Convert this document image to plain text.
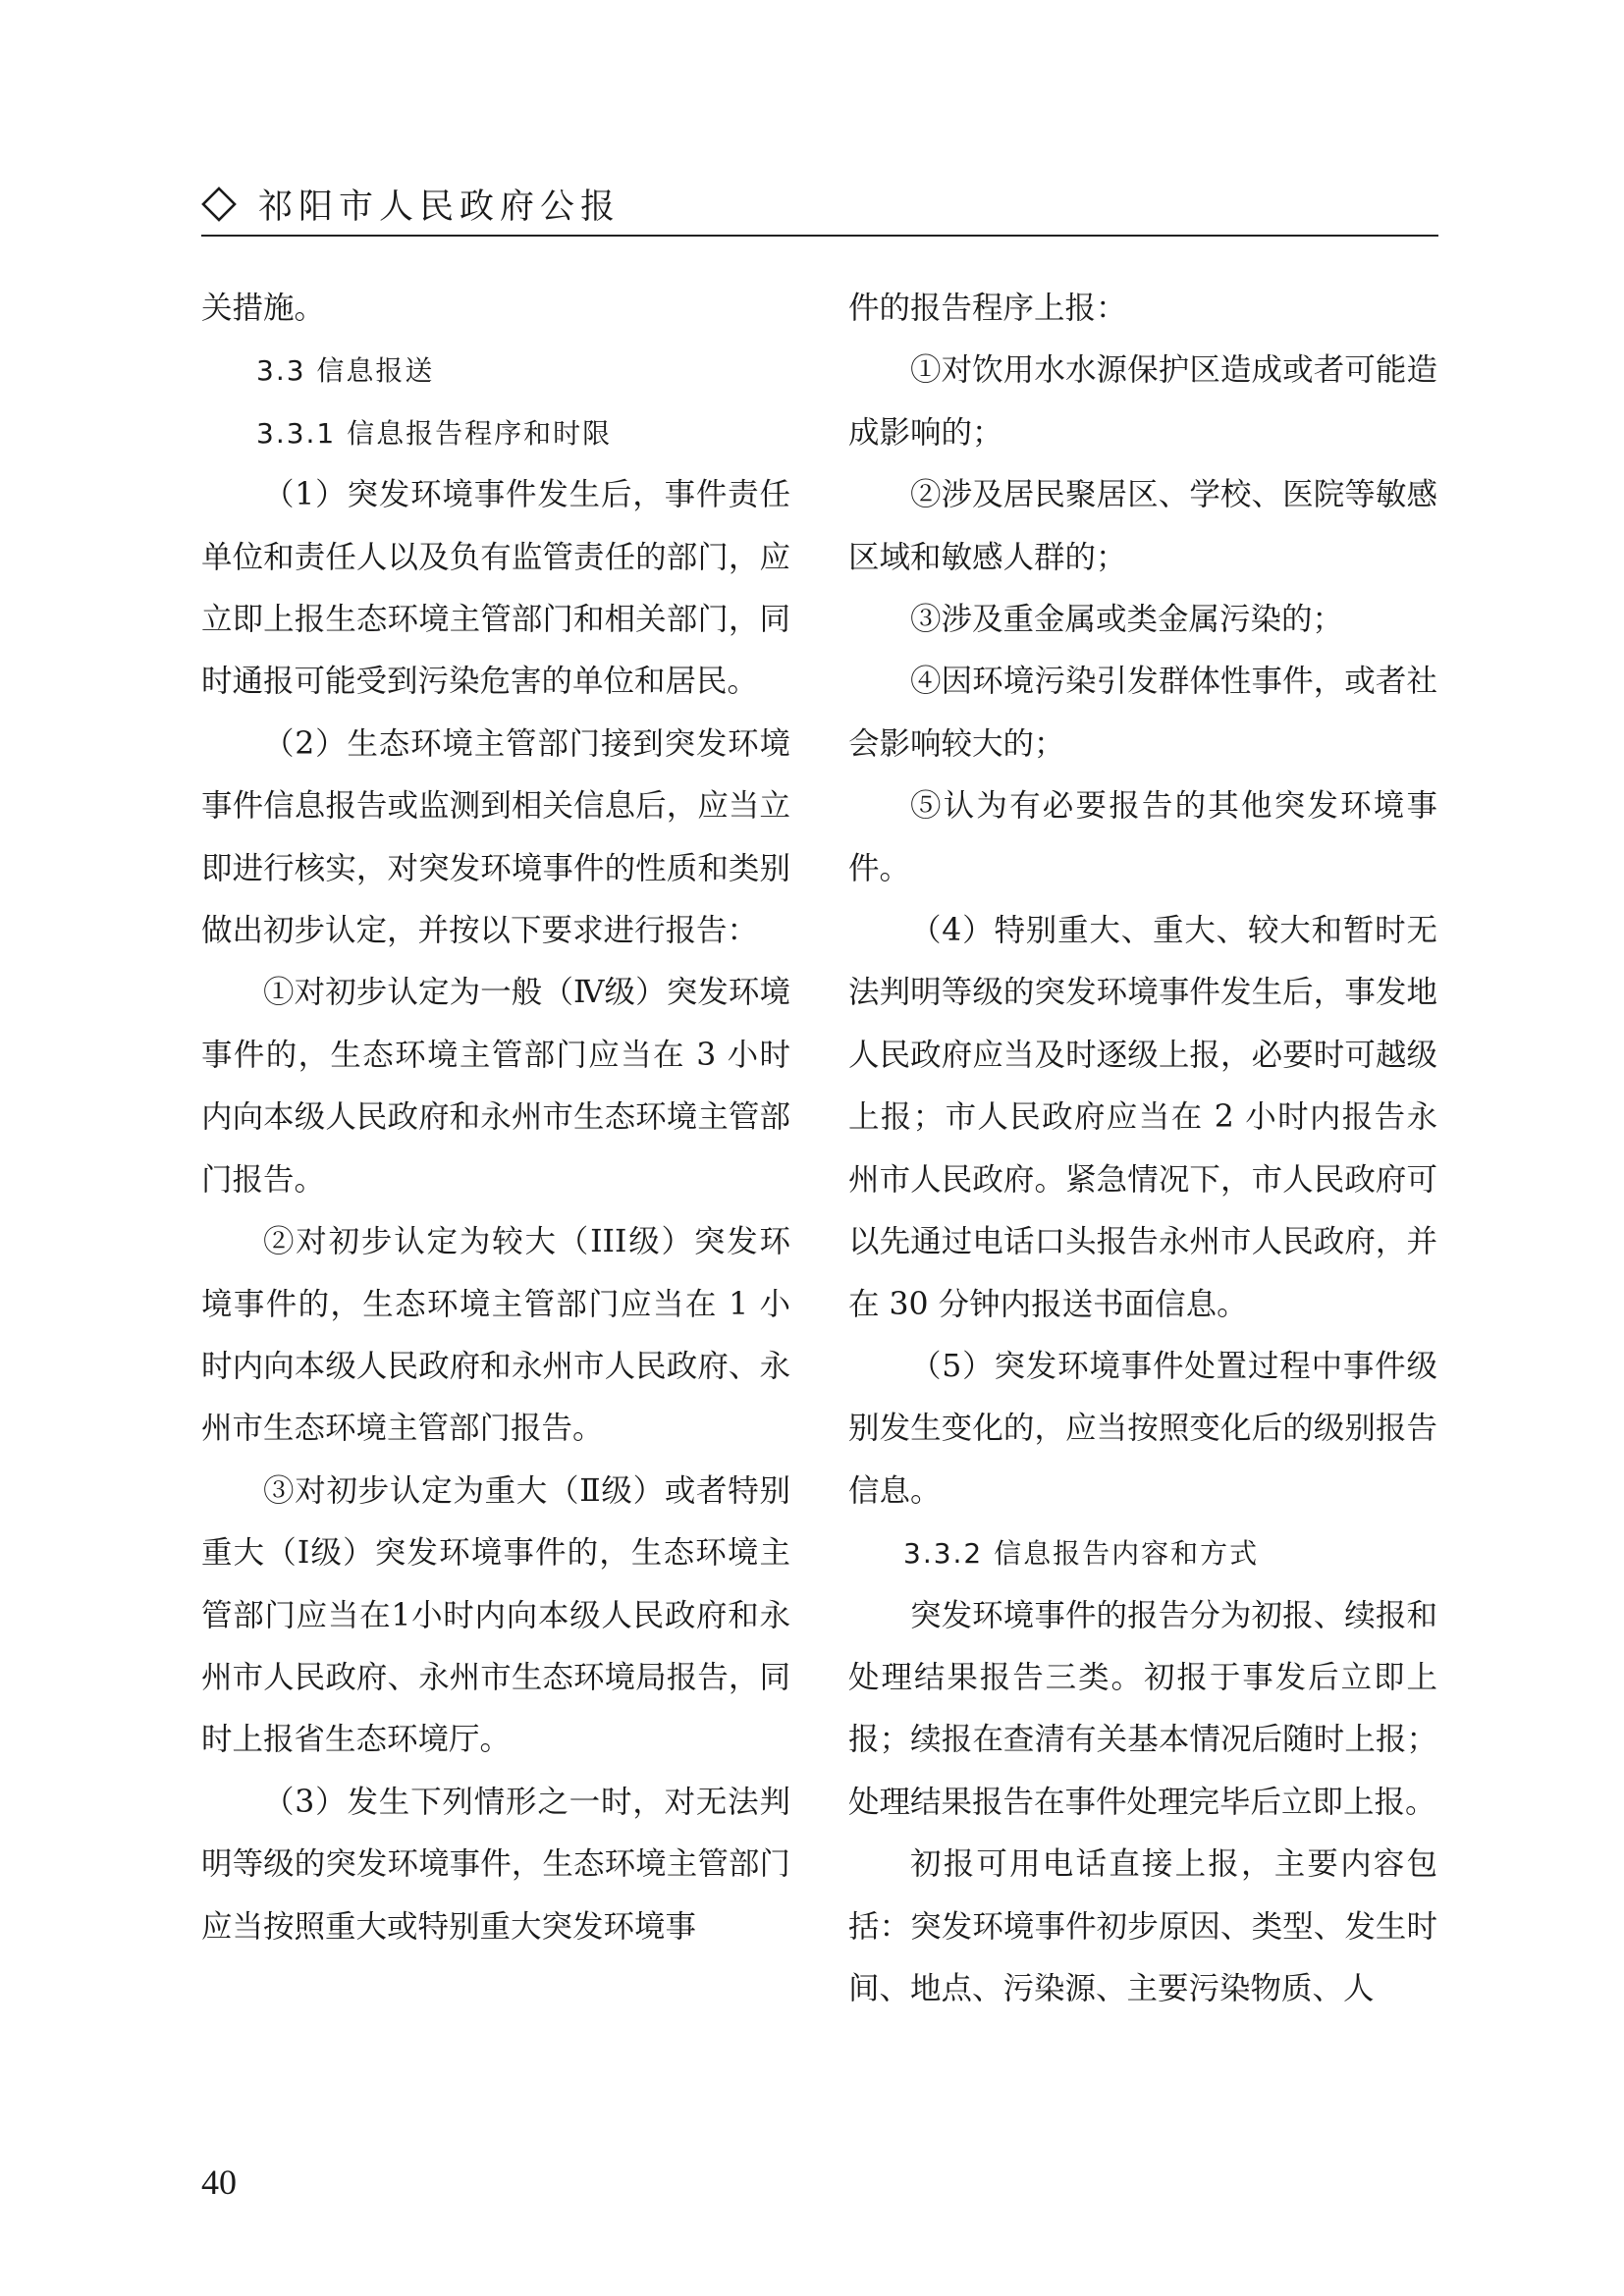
祁阳市人民政府公报

关措施。

3.3 信息报送

3.3.1 信息报告程序和时限

（1）突发环境事件发生后，事件责任单位和责任人以及负有监管责任的部门，应立即上报生态环境主管部门和相关部门，同时通报可能受到污染危害的单位和居民。

（2）生态环境主管部门接到突发环境事件信息报告或监测到相关信息后，应当立即进行核实，对突发环境事件的性质和类别做出初步认定，并按以下要求进行报告：

①对初步认定为一般（Ⅳ级）突发环境事件的，生态环境主管部门应当在 3 小时内向本级人民政府和永州市生态环境主管部门报告。

②对初步认定为较大（III级）突发环境事件的，生态环境主管部门应当在 1 小时内向本级人民政府和永州市人民政府、永州市生态环境主管部门报告。

③对初步认定为重大（Ⅱ级）或者特别重大（Ⅰ级）突发环境事件的，生态环境主管部门应当在1小时内向本级人民政府和永州市人民政府、永州市生态环境局报告，同时上报省生态环境厅。

（3）发生下列情形之一时，对无法判明等级的突发环境事件，生态环境主管部门应当按照重大或特别重大突发环境事

件的报告程序上报：

①对饮用水水源保护区造成或者可能造成影响的；

②涉及居民聚居区、学校、医院等敏感区域和敏感人群的；

③涉及重金属或类金属污染的；

④因环境污染引发群体性事件，或者社会影响较大的；

⑤认为有必要报告的其他突发环境事件。

（4）特别重大、重大、较大和暂时无法判明等级的突发环境事件发生后，事发地人民政府应当及时逐级上报，必要时可越级上报；市人民政府应当在 2 小时内报告永州市人民政府。紧急情况下，市人民政府可以先通过电话口头报告永州市人民政府，并在 30 分钟内报送书面信息。

（5）突发环境事件处置过程中事件级别发生变化的，应当按照变化后的级别报告信息。

3.3.2 信息报告内容和方式

突发环境事件的报告分为初报、续报和处理结果报告三类。初报于事发后立即上报；续报在查清有关基本情况后随时上报；处理结果报告在事件处理完毕后立即上报。

初报可用电话直接上报，主要内容包括：突发环境事件初步原因、类型、发生时间、地点、污染源、主要污染物质、人

40
